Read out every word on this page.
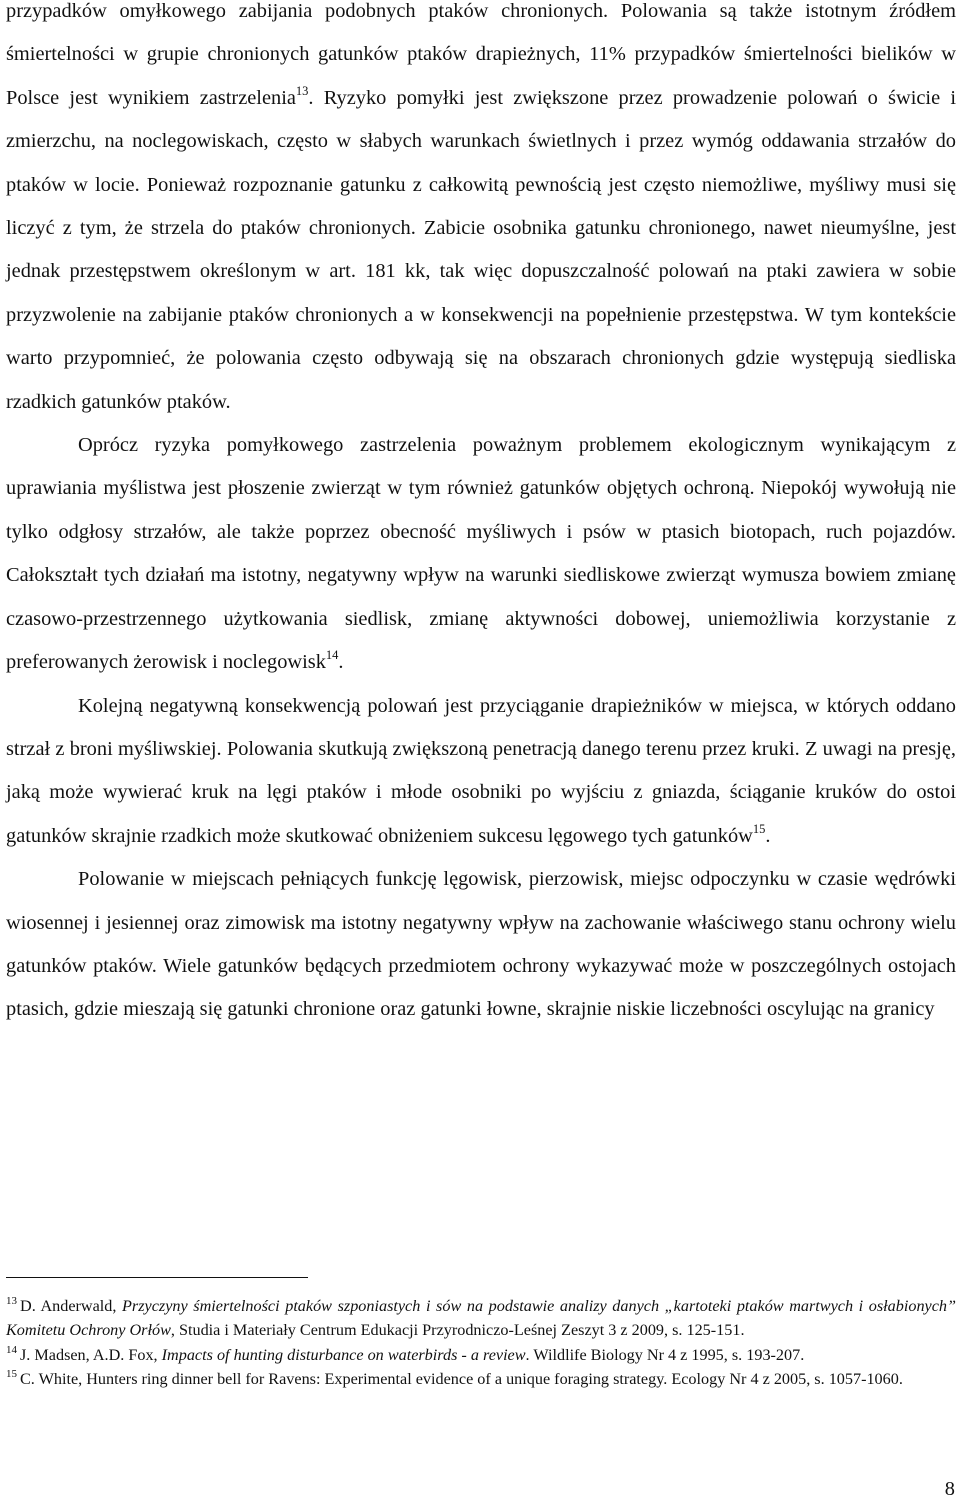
przypadków omyłkowego zabijania podobnych ptaków chronionych. Polowania są także istotnym źródłem śmiertelności w grupie chronionych gatunków ptaków drapieżnych, 11% przypadków śmiertelności bielików w Polsce jest wynikiem zastrzelenia$^{13}$. Ryzyko pomyłki jest zwiększone przez prowadzenie polowań o świcie i zmierzchu, na noclegowiskach, często w słabych warunkach świetlnych i przez wymóg oddawania strzałów do ptaków w locie. Ponieważ rozpoznanie gatunku z całkowitą pewnością jest często niemożliwe, myśliwy musi się liczyć z tym, że strzela do ptaków chronionych. Zabicie osobnika gatunku chronionego, nawet nieumyślne, jest jednak przestępstwem określonym w art. 181 kk, tak więc dopuszczalność polowań na ptaki zawiera w sobie przyzwolenie na zabijanie ptaków chronionych a w konsekwencji na popełnienie przestępstwa. W tym kontekście warto przypomnieć, że polowania często odbywają się na obszarach chronionych gdzie występują siedliska rzadkich gatunków ptaków.

Oprócz ryzyka pomyłkowego zastrzelenia poważnym problemem ekologicznym wynikającym z uprawiania myślistwa jest płoszenie zwierząt w tym również gatunków objętych ochroną. Niepokój wywołują nie tylko odgłosy strzałów, ale także poprzez obecność myśliwych i psów w ptasich biotopach, ruch pojazdów. Całokształt tych działań ma istotny, negatywny wpływ na warunki siedliskowe zwierząt wymusza bowiem zmianę czasowo-przestrzennego użytkowania siedlisk, zmianę aktywności dobowej, uniemożliwia korzystanie z preferowanych żerowisk i noclegowisk$^{14}$.

Kolejną negatywną konsekwencją polowań jest przyciąganie drapieżników w miejsca, w których oddano strzał z broni myśliwskiej. Polowania skutkują zwiększoną penetracją danego terenu przez kruki. Z uwagi na presję, jaką może wywierać kruk na lęgi ptaków i młode osobniki po wyjściu z gniazda, ściąganie kruków do ostoi gatunków skrajnie rzadkich może skutkować obniżeniem sukcesu lęgowego tych gatunków$^{15}$.

Polowanie w miejscach pełniących funkcję lęgowisk, pierzowisk, miejsc odpoczynku w czasie wędrówki wiosennej i jesiennej oraz zimowisk ma istotny negatywny wpływ na zachowanie właściwego stanu ochrony wielu gatunków ptaków. Wiele gatunków będących przedmiotem ochrony wykazywać może w poszczególnych ostojach ptasich, gdzie mieszają się gatunki chronione oraz gatunki łowne, skrajnie niskie liczebności oscylując na granicy

$^{13}$ D. Anderwald, Przyczyny śmiertelności ptaków szponiastych i sów na podstawie analizy danych „kartoteki ptaków martwych i osłabionych” Komitetu Ochrony Orłów, Studia i Materiały Centrum Edukacji Przyrodniczo-Leśnej Zeszyt 3 z 2009, s. 125-151.

$^{14}$ J. Madsen, A.D. Fox, Impacts of hunting disturbance on waterbirds - a review. Wildlife Biology Nr 4 z 1995, s. 193-207.

$^{15}$ C. White, Hunters ring dinner bell for Ravens: Experimental evidence of a unique foraging strategy. Ecology Nr 4 z 2005, s. 1057-1060.

8
